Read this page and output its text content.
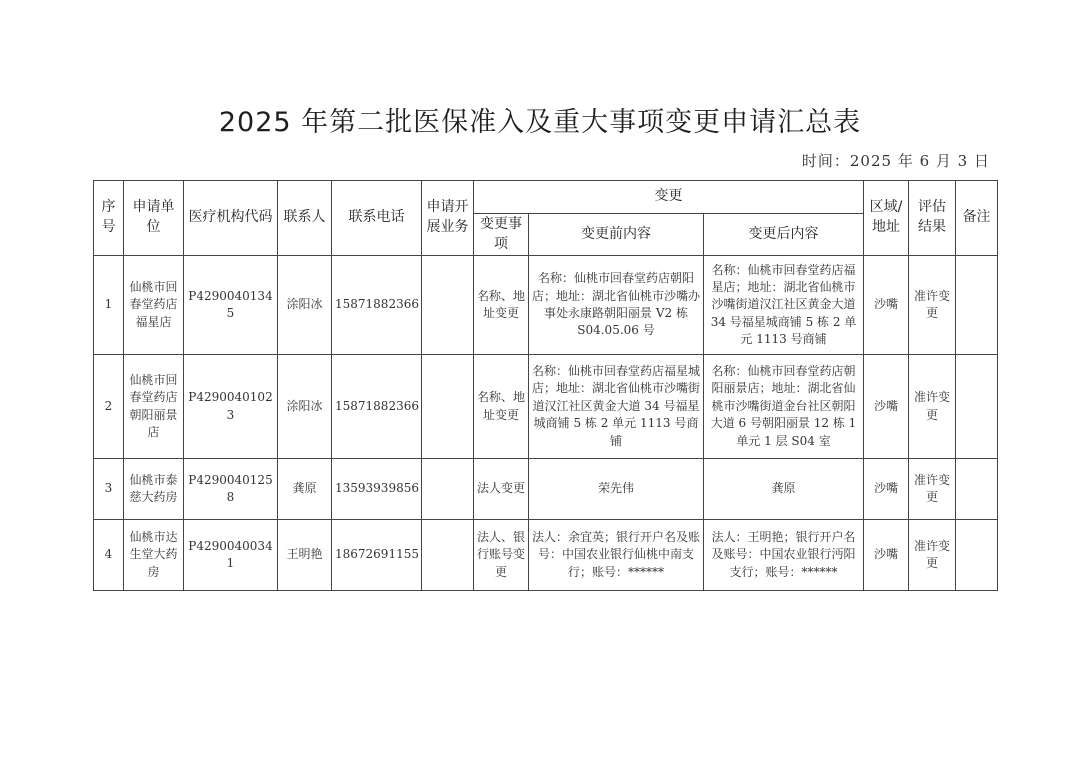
2025 年第二批医保准入及重大事项变更申请汇总表
时间：2025 年 6 月 3 日
序号	申请单位	医疗机构代码	联系人	联系电话	申请开展业务	变更			区域/地址	评估结果	备注
						变更事项	变更前内容	变更后内容			
1	仙桃市回春堂药店福星店	P4290040134 5	涂阳冰	15871882366		名称、地址变更	名称：仙桃市回春堂药店朝阳店；地址：湖北省仙桃市沙嘴办事处永康路朝阳丽景 V2 栋 S04.05.06 号	名称：仙桃市回春堂药店福星店；地址：湖北省仙桃市沙嘴街道汉江社区黄金大道 34 号福星城商铺 5 栋 2 单元 1113 号商铺	沙嘴	准许变更	
2	仙桃市回春堂药店朝阳丽景店	P4290040102 3	涂阳冰	15871882366		名称、地址变更	名称：仙桃市回春堂药店福星城店；地址：湖北省仙桃市沙嘴街道汉江社区黄金大道 34 号福星城商铺 5 栋 2 单元 1113 号商铺	名称：仙桃市回春堂药店朝阳丽景店；地址：湖北省仙桃市沙嘴街道金台社区朝阳大道 6 号朝阳丽景 12 栋 1 单元 1 层 S04 室	沙嘴	准许变更	
3	仙桃市泰慈大药房	P4290040125 8	龚原	13593939856		法人变更	荣先伟	龚原	沙嘴	准许变更	
4	仙桃市达生堂大药房	P4290040034 1	王明艳	18672691155		法人、银行账号变更	法人：余宜英；银行开户名及账号：中国农业银行仙桃中南支行；账号：******	法人：王明艳；银行开户名及账号：中国农业银行沔阳支行；账号：******	沙嘴	准许变更	
